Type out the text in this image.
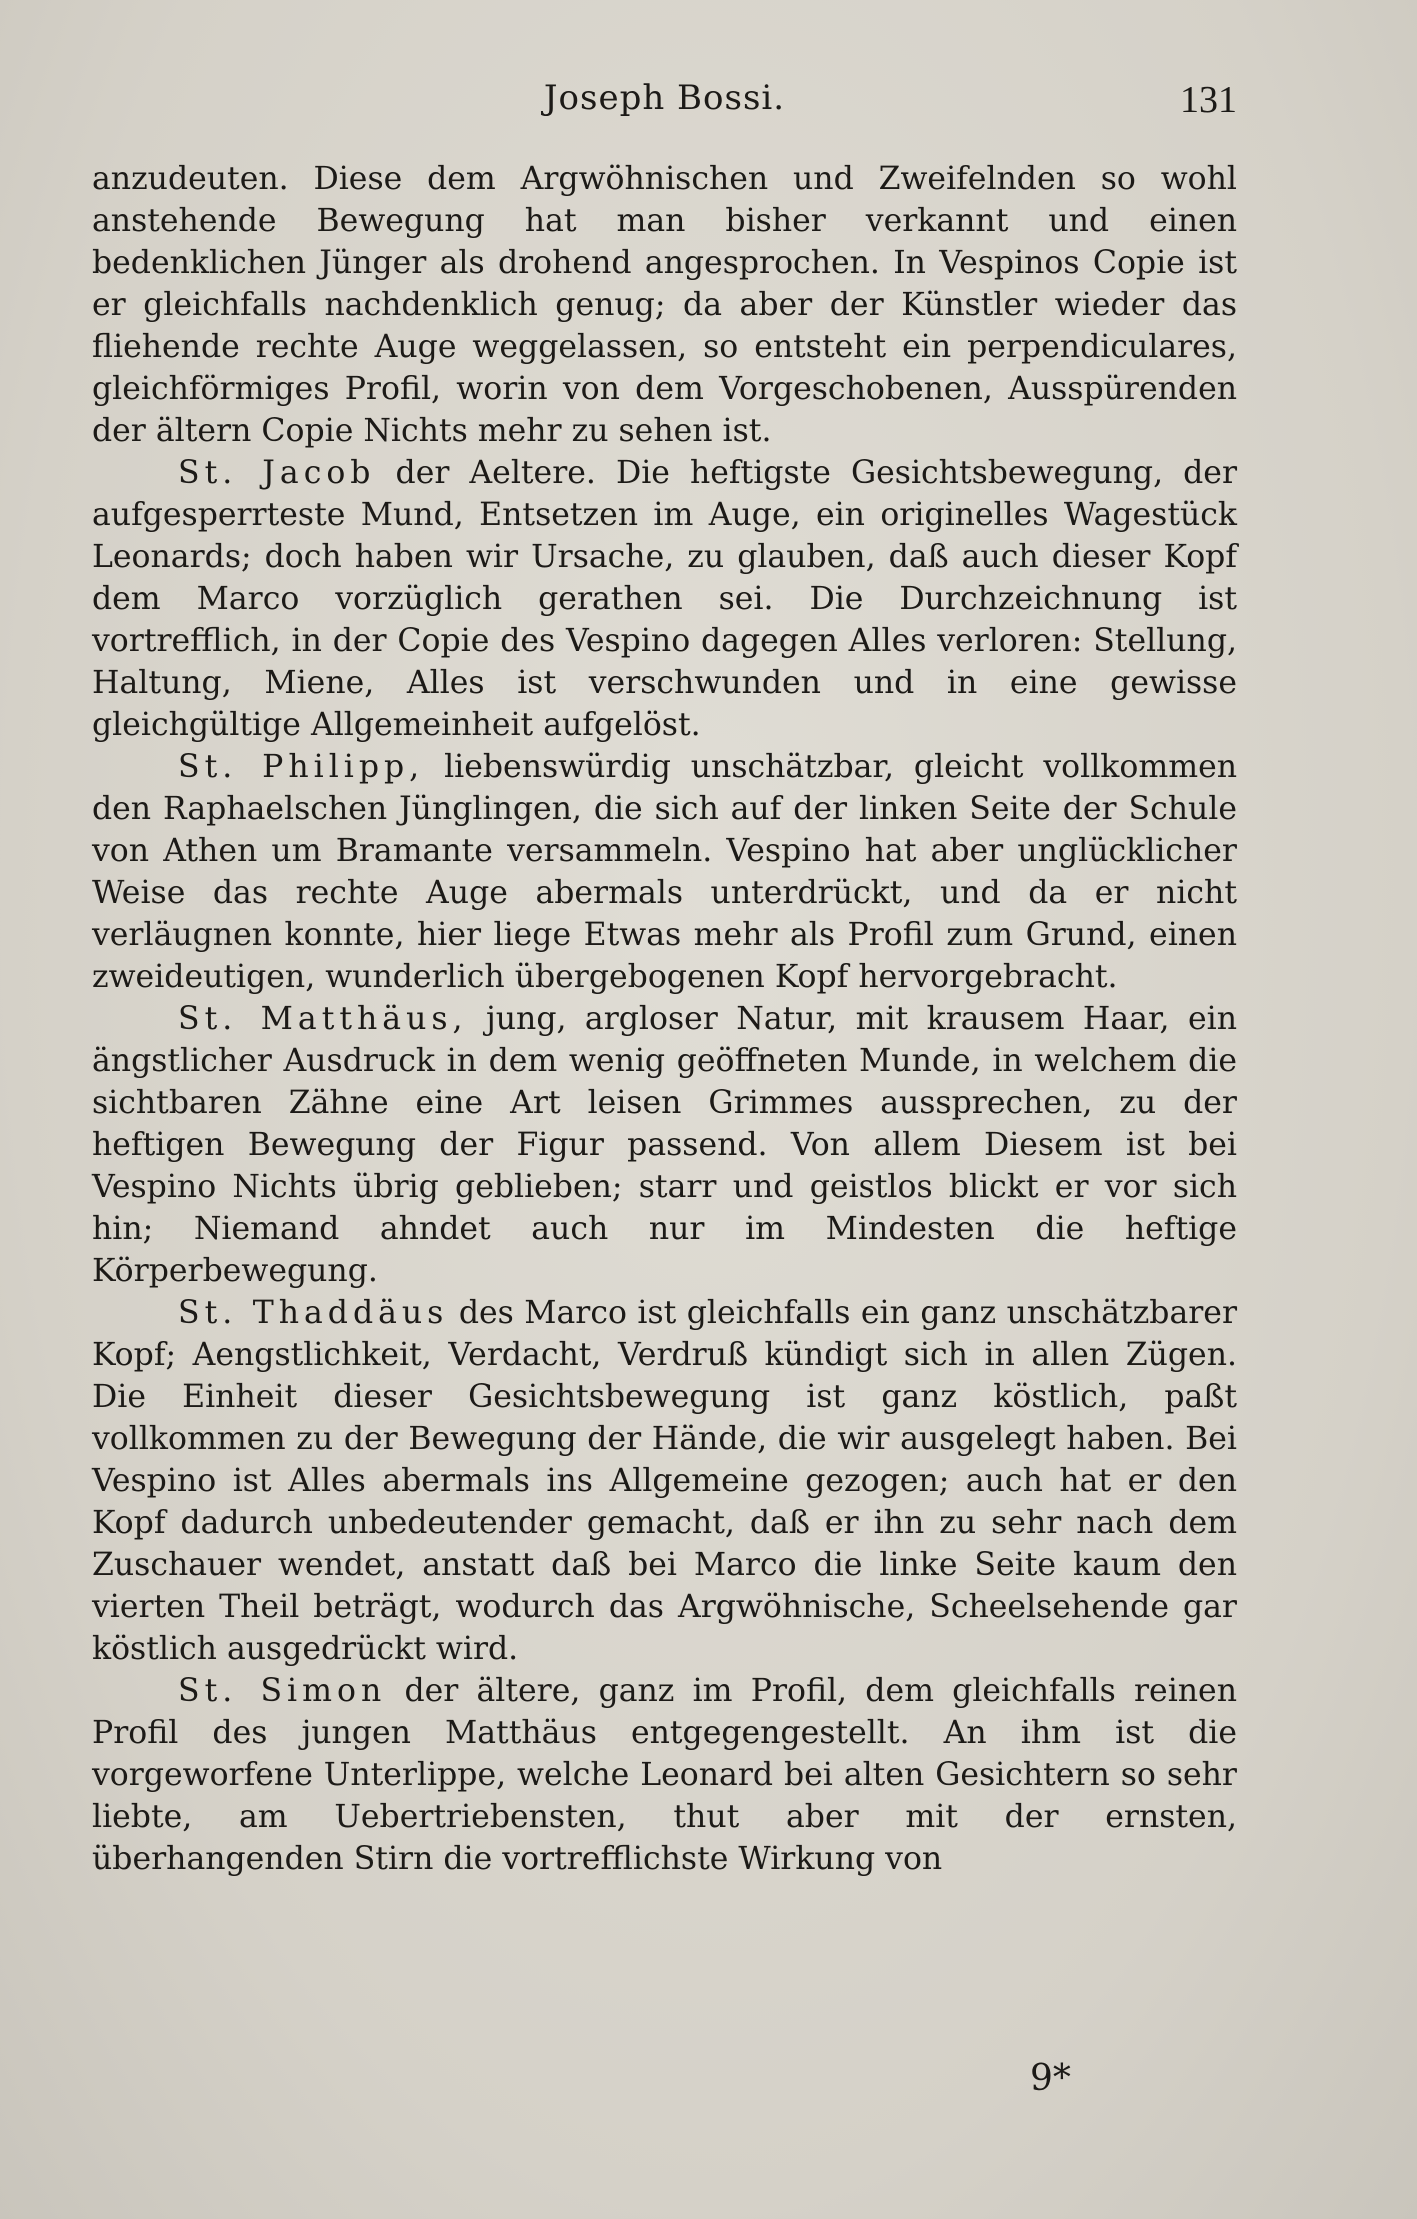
Joseph Bossi.	131

anzudeuten. Diese dem Argwöhnischen und Zweifelnden so wohl anstehende Bewegung hat man bisher verkannt und einen bedenklichen Jünger als drohend angesprochen. In Vespinos Copie ist er gleichfalls nachdenklich genug; da aber der Künstler wieder das fliehende rechte Auge weggelassen, so entsteht ein perpendiculares, gleichförmiges Profil, worin von dem Vorgeschobenen, Ausspürenden der ältern Copie Nichts mehr zu sehen ist.

St. Jacob der Aeltere. Die heftigste Gesichtsbewegung, der aufgesperrteste Mund, Entsetzen im Auge, ein originelles Wagestück Leonards; doch haben wir Ursache, zu glauben, daß auch dieser Kopf dem Marco vorzüglich gerathen sei. Die Durchzeichnung ist vortrefflich, in der Copie des Vespino dagegen Alles verloren: Stellung, Haltung, Miene, Alles ist verschwunden und in eine gewisse gleichgültige Allgemeinheit aufgelöst.

St. Philipp, liebenswürdig unschätzbar, gleicht vollkommen den Raphaelschen Jünglingen, die sich auf der linken Seite der Schule von Athen um Bramante versammeln. Vespino hat aber unglücklicher Weise das rechte Auge abermals unterdrückt, und da er nicht verläugnen konnte, hier liege Etwas mehr als Profil zum Grund, einen zweideutigen, wunderlich übergebogenen Kopf hervorgebracht.

St. Matthäus, jung, argloser Natur, mit krausem Haar, ein ängstlicher Ausdruck in dem wenig geöffneten Munde, in welchem die sichtbaren Zähne eine Art leisen Grimmes aussprechen, zu der heftigen Bewegung der Figur passend. Von allem Diesem ist bei Vespino Nichts übrig geblieben; starr und geistlos blickt er vor sich hin; Niemand ahndet auch nur im Mindesten die heftige Körperbewegung.

St. Thaddäus des Marco ist gleichfalls ein ganz unschätzbarer Kopf; Aengstlichkeit, Verdacht, Verdruß kündigt sich in allen Zügen. Die Einheit dieser Gesichtsbewegung ist ganz köstlich, paßt vollkommen zu der Bewegung der Hände, die wir ausgelegt haben. Bei Vespino ist Alles abermals ins Allgemeine gezogen; auch hat er den Kopf dadurch unbedeutender gemacht, daß er ihn zu sehr nach dem Zuschauer wendet, anstatt daß bei Marco die linke Seite kaum den vierten Theil beträgt, wodurch das Argwöhnische, Scheelsehende gar köstlich ausgedrückt wird.

St. Simon der ältere, ganz im Profil, dem gleichfalls reinen Profil des jungen Matthäus entgegengestellt. An ihm ist die vorgeworfene Unterlippe, welche Leonard bei alten Gesichtern so sehr liebte, am Uebertriebensten, thut aber mit der ernsten, überhangenden Stirn die vortrefflichste Wirkung von

9*
